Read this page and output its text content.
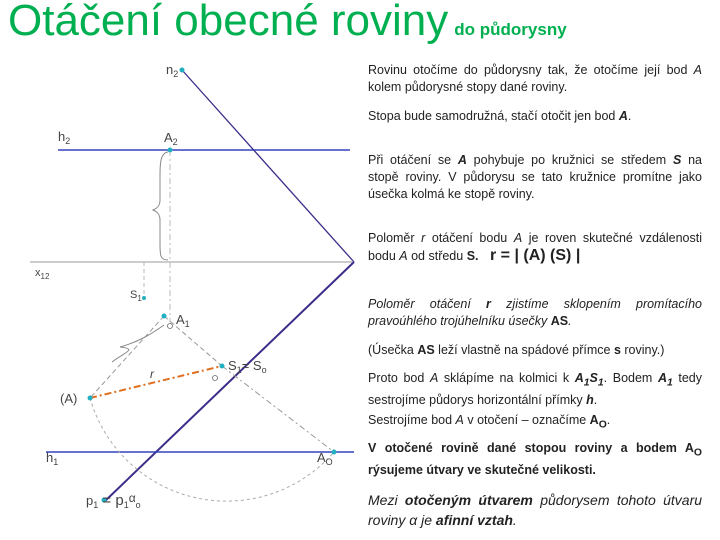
Otáčení obecné roviny do půdorysny
$n_2$
$h_2$	$A_2$
$x_{12}$
$S_1$
$A_1$
$S_1= S_o$
r
(A)
$h_1$	$A_O$
$p_1 = p_1\alpha_o$
Rovinu otočíme do půdorysny tak, že otočíme její bod A kolem půdorysné stopy dané roviny.
Stopa bude samodružná, stačí otočit jen bod A.
Při otáčení se A pohybuje po kružnici se středem S na stopě roviny. V půdorysu se tato kružnice promítne jako úsečka kolmá ke stopě roviny.
Poloměr r otáčení bodu A je roven skutečné vzdálenosti bodu A od středu S. r = | (A) (S) |
Poloměr otáčení r zjistíme sklopením promítacího pravoúhlého trojúhelníku úsečky AS.
(Úsečka AS leží vlastně na spádové přímce s roviny.)
Proto bod A sklápíme na kolmici k $A_1S_1$. Bodem $A_1$ tedy sestrojíme půdorys horizontální přímky h.
Sestrojíme bod A v otočení – označíme $A_O$.
V otočené rovině dané stopou roviny a bodem $A_O$ rýsujeme útvary ve skutečné velikosti.
Mezi otočeným útvarem půdorysem tohoto útvaru roviny α je afinní vztah.
